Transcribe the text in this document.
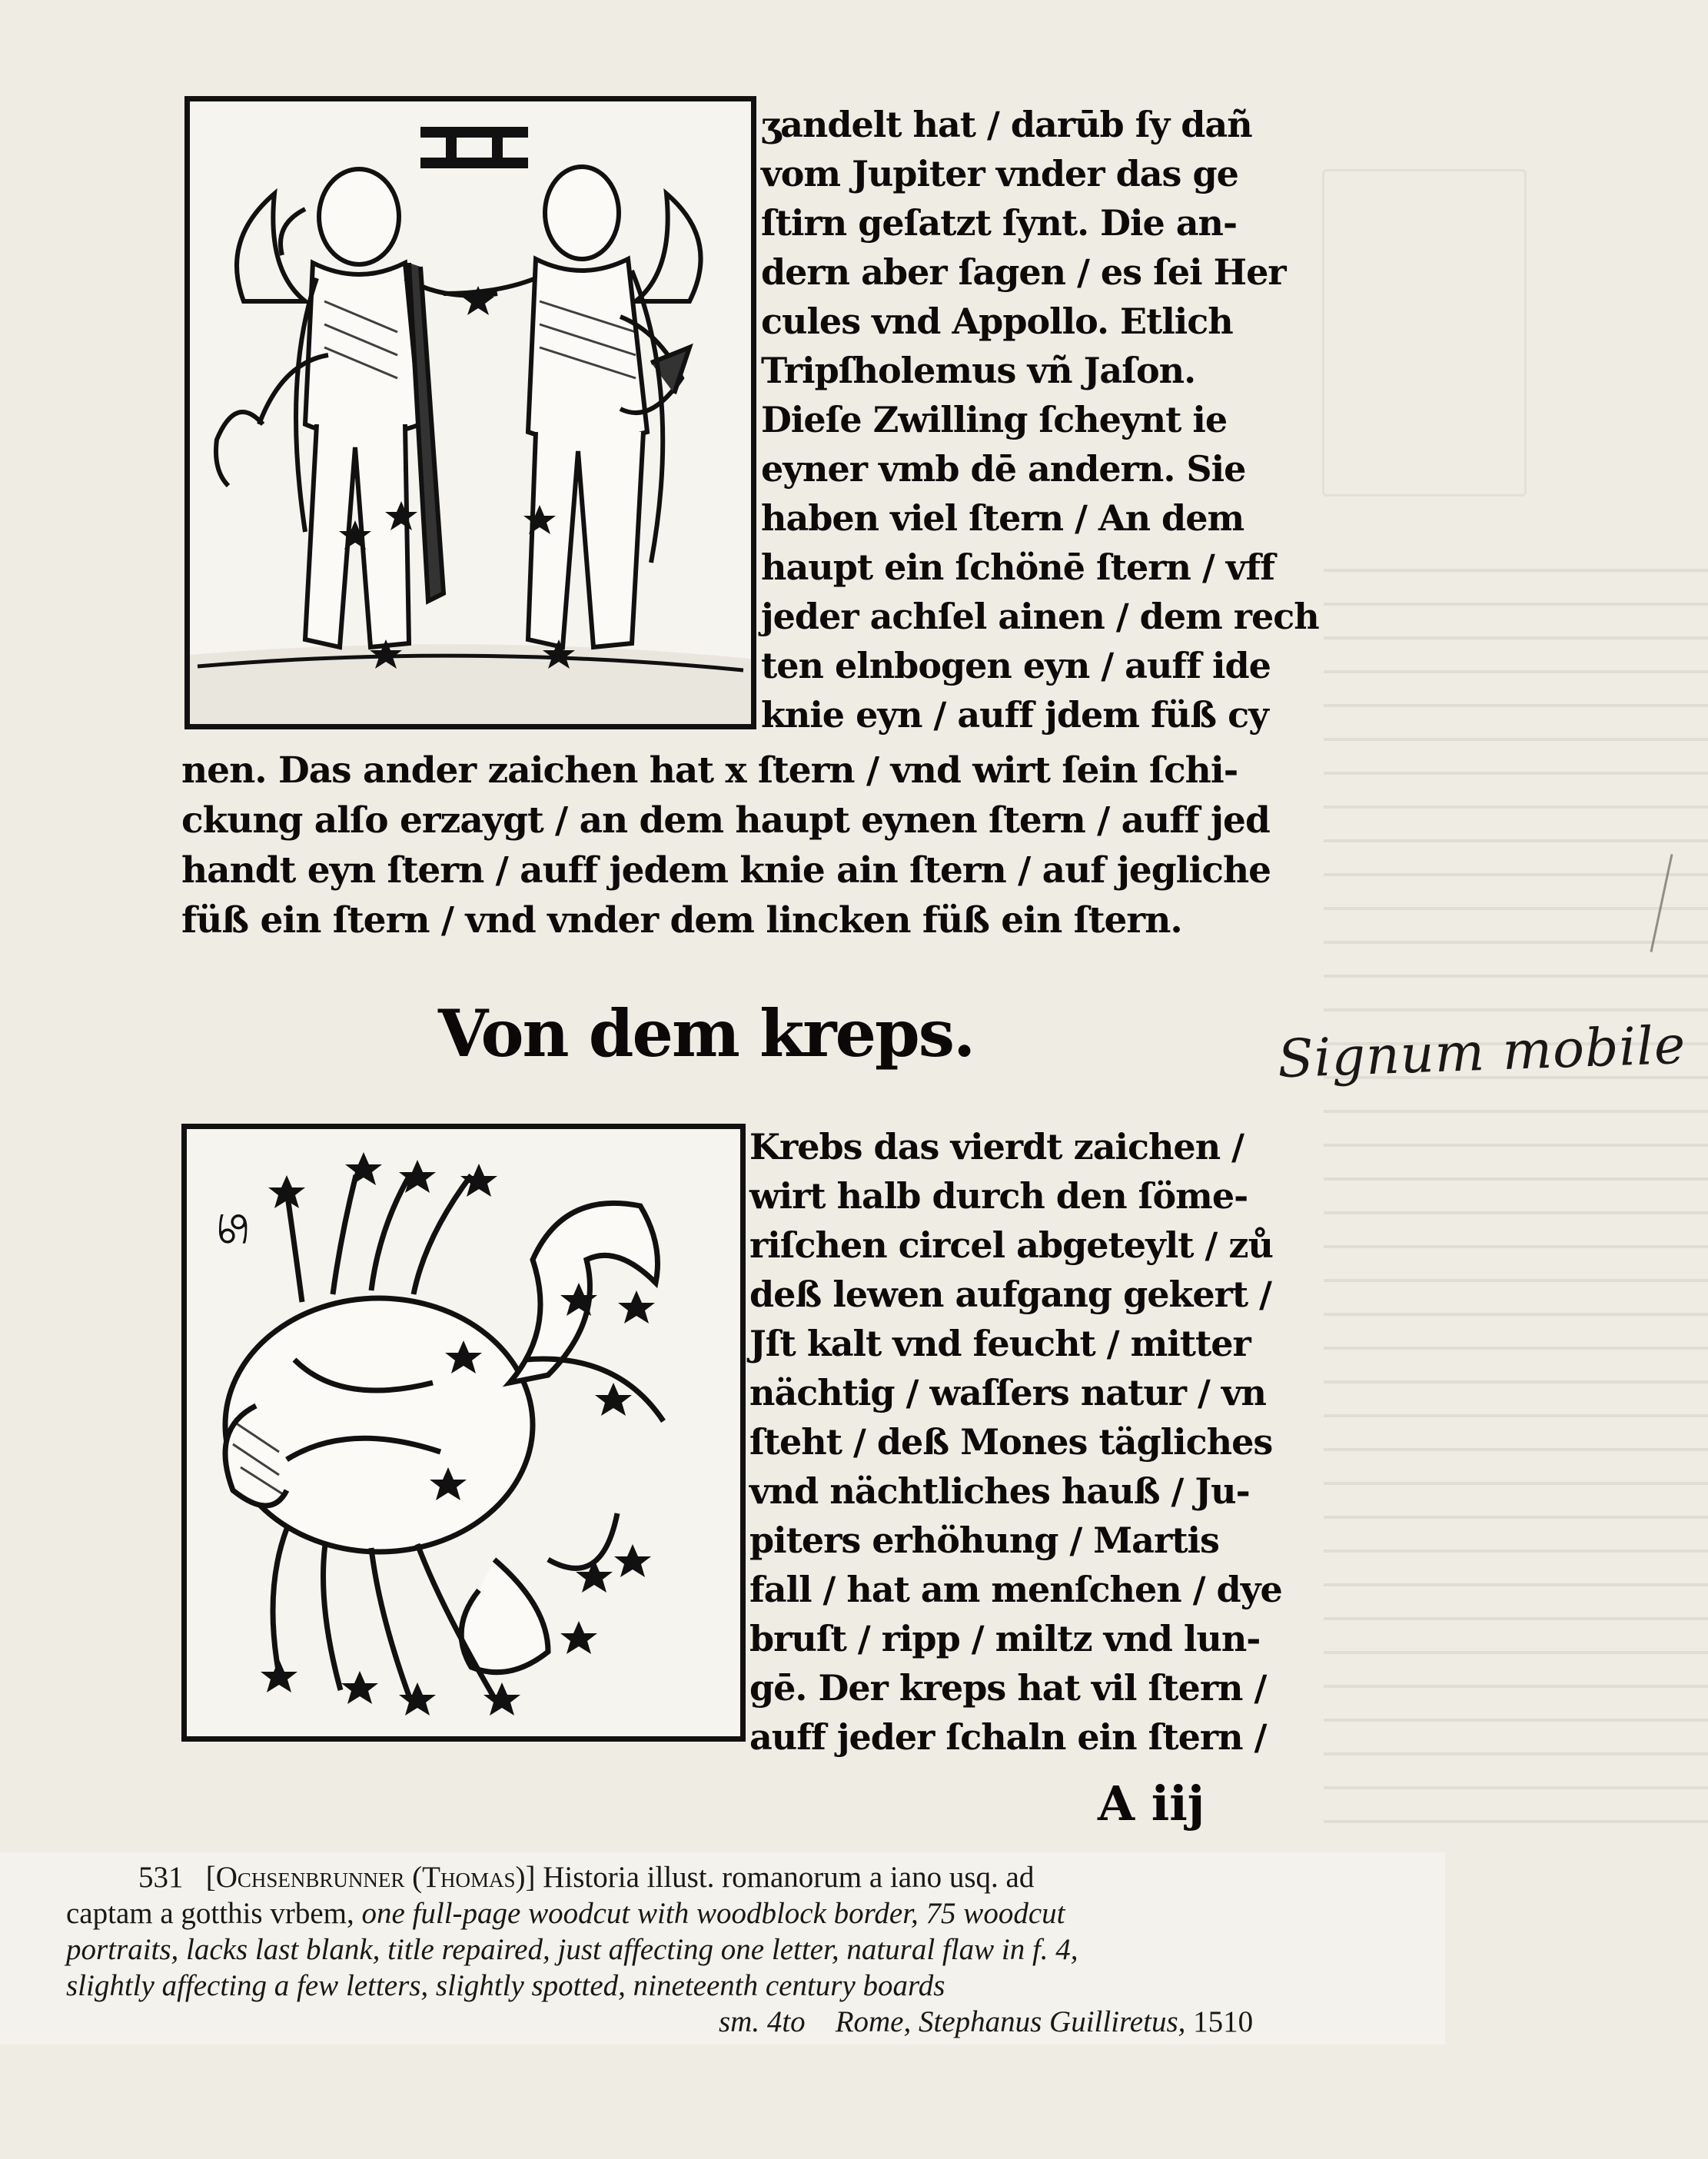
ʒandelt hat / darūb ſy dañ

vom Jupiter vnder das ge

ſtirn geſatzt ſynt. Die an-

dern aber ſagen / es ſei Her

cules vnd Appollo. Etlich

Tripſholemus vñ Jaſon.

Dieſe Zwilling ſcheynt ie

eyner vmb dē andern. Sie

haben viel ſtern / An dem

haupt ein ſchönē ſtern / vff

jeder achſel ainen / dem rech

ten elnbogen eyn / auff ide

knie eyn / auff jdem füß cy

nen. Das ander zaichen hat x ſtern / vnd wirt ſein ſchi-

ckung alſo erzaygt / an dem haupt eynen ſtern / auff jed

handt eyn ſtern / auff jedem knie ain ſtern / auf jegliche

füß ein ſtern / vnd vnder dem lincken füß ein ſtern.

Von dem kreps.	Signum mobile
♋

Krebs das vierdt zaichen /

wirt halb durch den ſöme-

riſchen circel abgeteylt / zů

deß lewen aufgang gekert /

Jſt kalt vnd feucht / mitter

nächtig / waſſers natur / vn

ſteht / deß Mones tägliches

vnd nächtliches hauß / Ju-

piters erhöhung / Martis

fall / hat am menſchen / dye

bruſt / ripp / miltz vnd lun-

gē. Der kreps hat vil ſtern /

auff jeder ſchaln ein ſtern /

A iij

531 [Ochsenbrunner (Thomas)] Historia illust. romanorum a iano usq. ad

captam a gotthis vrbem, one full-page woodcut with woodblock border, 75 woodcut

portraits, lacks last blank, title repaired, just affecting one letter, natural flaw in f. 4,

slightly affecting a few letters, slightly spotted, nineteenth century boards

sm. 4to Rome, Stephanus Guilliretus, 1510
